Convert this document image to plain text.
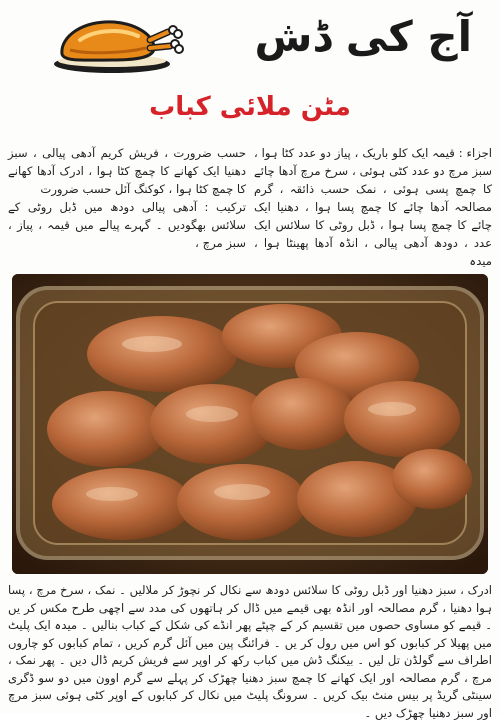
آج کی ڈش
مٹن ملائی کباب

اجزاء : قیمہ ایک کلو باریک ، پیاز دو عدد کٹا ہوا ، سبز مرچ دو عدد کٹی ہوئی ، سرخ مرچ آدھا چائے کا چمچ پسی ہوئی ، نمک حسب ذائقہ ، گرم مصالحہ آدھا چائے کا چمچ پسا ہوا ، دھنیا ایک چائے کا چمچ پسا ہوا ، ڈبل روٹی کا سلائس ایک عدد ، دودھ آدھی پیالی ، انڈہ آدھا پھینٹا ہوا ، میدہ

حسب ضرورت ، فریش کریم آدھی پیالی ، سبز دھنیا ایک کھانے کا چمچ کٹا ہوا ، ادرک آدھا کھانے کا چمچ کٹا ہوا ، کوکنگ آئل حسب ضرورت
ترکیب : آدھی پیالی دودھ میں ڈبل روٹی کے سلائس بھگودیں ۔ گہرے پیالے میں قیمہ ، پیاز ، سبز مرچ ،

ادرک ، سبز دھنیا اور ڈبل روٹی کا سلائس دودھ سے نکال کر نچوڑ کر ملالیں ۔ نمک ، سرخ مرچ ، پسا ہوا دھنیا ، گرم مصالحہ اور انڈہ بھی قیمے میں ڈال کر ہاتھوں کی مدد سے اچھی طرح مکس کر یں ۔ قیمے کو مساوی حصوں میں تقسیم کر کے چپٹے پھر انڈے کی شکل کے کباب بنالیں ۔ میدہ ایک پلیٹ میں پھیلا کر کبابوں کو اس میں رول کر یں ۔ فرائنگ پین میں آئل گرم کریں ، تمام کبابوں کو چاروں اطراف سے گولڈن تل لیں ۔ بیکنگ ڈش میں کباب رکھ کر اوپر سے فریش کریم ڈال دیں ۔ پھر نمک ، مرچ ، گرم مصالحہ اور ایک کھانے کا چمچ سبز دھنیا چھڑک کر پہلے سے گرم اوون میں دو سو ڈگری سینٹی گریڈ پر بیس منٹ بیک کریں ۔ سرونگ پلیٹ میں نکال کر کبابوں کے اوپر کٹی ہوئی سبز مرچ اور سبز دھنیا چھڑک دیں ۔
